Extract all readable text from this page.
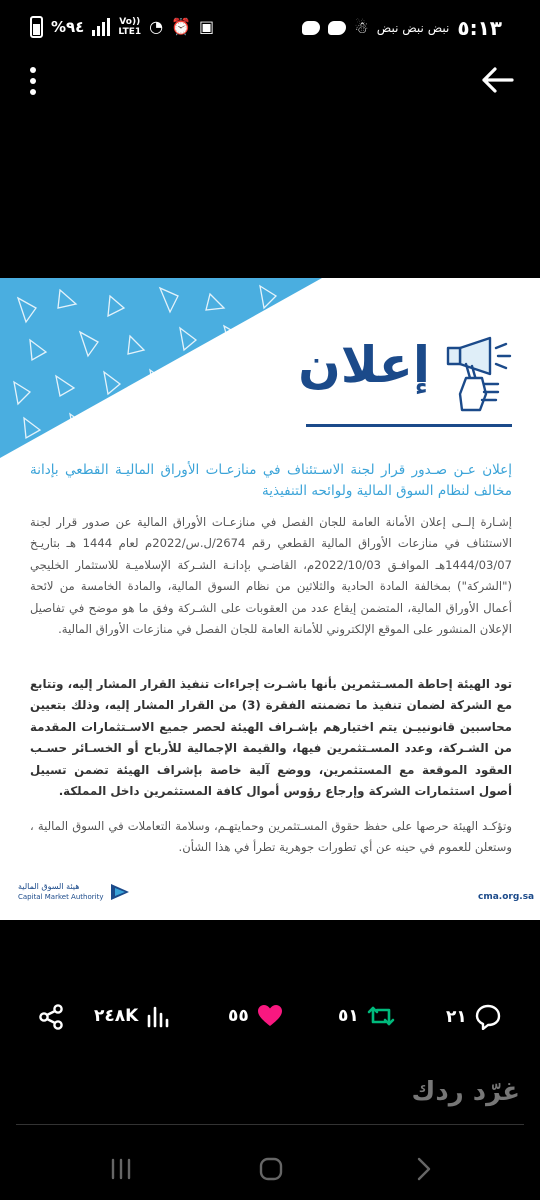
%٩٤	Vo))
LTE1 ◔ ⏰ ▣	☃ نبض نبض نبض ٥:١٣
إعلان
إعلان عـن صـدور قرار لجنة الاسـتئناف في منازعـات الأوراق الماليـة القطعي بإدانة مخالف لنظام السوق المالية ولوائحه التنفيذية
إشـارة إلــى إعلان الأمانة العامة للجان الفصل في منازعـات الأوراق المالية عن صدور قرار لجنة الاستئناف في منازعات الأوراق المالية القطعي رقم 2674/ل.س/2022م لعام 1444 هـ بتاريـخ 1444/03/07هـ الموافـق 2022/10/03م، القاضـي بإدانـة الشـركة الإسلاميـة للاستثمار الخليجي ("الشركة") بمخالفة المادة الحادية والثلاثين من نظام السوق المالية، والمادة الخامسة من لائحة أعمال الأوراق المالية، المتضمن إيقاع عدد من العقوبات على الشـركة وفق ما هو موضح في تفاصيل الإعلان المنشور على الموقع الإلكتروني للأمانة العامة للجان الفصل في منازعات الأوراق المالية.
تود الهيئة إحاطة المسـتثمرين بأنها باشـرت إجراءات تنفيذ القرار المشار إليه، وتتابع مع الشركة لضمان تنفيذ ما تضمنته الفقرة (3) من القرار المشار إليه، وذلك بتعيين محاسبين قانونييـن يتم اختيارهم بإشـراف الهيئة لحصر جميع الاسـتثمارات المقدمة من الشـركة، وعدد المسـتثمرين فيها، والقيمة الإجمالية للأرباح أو الخسـائر حسـب العقود الموقعة مع المستثمرين، ووضع آلية خاصة بإشراف الهيئة تضمن تسييل أصول استثمارات الشركة وإرجاع رؤوس أموال كافة المستثمرين داخل المملكة.
وتؤكـد الهيئة حرصها على حفظ حقوق المسـتثمرين وحمايتهـم، وسلامة التعاملات في السوق المالية ، وستعلن للعموم في حينه عن أي تطورات جوهرية تطرأ في هذا الشأن.
هيئة السوق المالية
Capital Market Authority	cma.org.sa
٢٤٨K	٥٥	٥١	٢١
غرّد ردك
